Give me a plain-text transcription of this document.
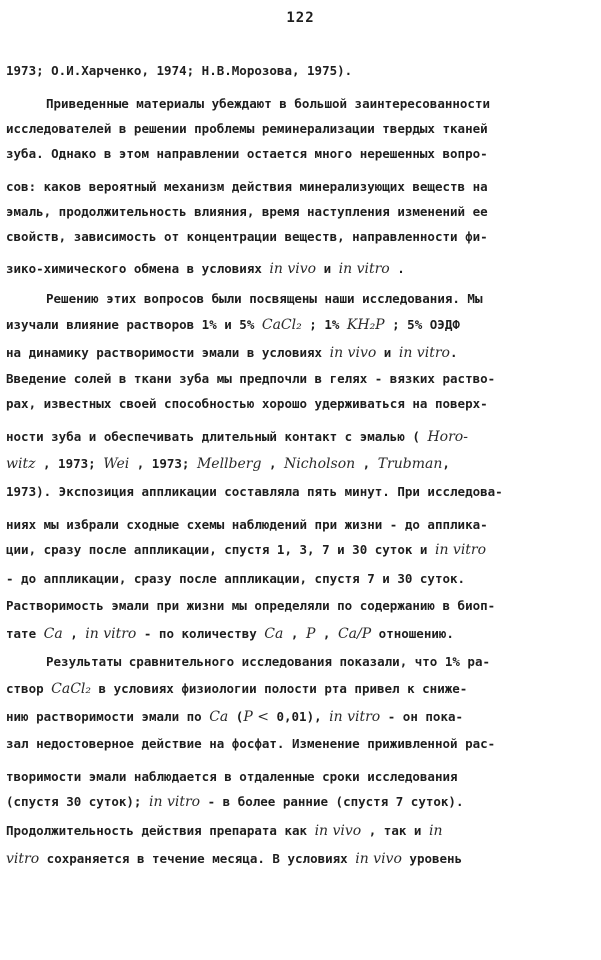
122
1973; О.И.Харченко, 1974; Н.В.Морозова, 1975).
Приведенные материалы убеждают в большой заинтересованности
исследователей в решении проблемы реминерализации твердых тканей
зуба. Однако в этом направлении остается много нерешенных вопро-
сов: каков вероятный механизм действия минерализующих веществ на
эмаль, продолжительность влияния, время наступления изменений ее
свойств, зависимость от концентрации веществ, направленности фи-
зико-химического обмена в условиях in vivo и in vitro .
Решению этих вопросов были посвящены наши исследования. Мы
изучали влияние растворов 1% и 5% CaCl₂ ; 1% KH₂P ; 5% ОЭДФ
на динамику растворимости эмали в условиях in vivo и in vitro.
Введение солей в ткани зуба мы предпочли в гелях - вязких раство-
рах, известных своей способностью хорошо удерживаться на поверх-
ности зуба и обеспечивать длительный контакт с эмалью ( Horo-
witz , 1973; Wei , 1973; Mellberg , Nicholson , Trubman,
1973). Экспозиция аппликации составляла пять минут. При исследова-
ниях мы избрали сходные схемы наблюдений при жизни - до апплика-
ции, сразу после аппликации, спустя 1, 3, 7 и 30 суток и in vitro
- до аппликации, сразу после аппликации, спустя 7 и 30 суток.
Растворимость эмали при жизни мы определяли по содержанию в биоп-
тате Ca , in vitro - по количеству Ca , P , Ca/P отношению.
Результаты сравнительного исследования показали, что 1% ра-
створ CaCl₂ в условиях физиологии полости рта привел к сниже-
нию растворимости эмали по Ca (P < 0,01), in vitro - он пока-
зал недостоверное действие на фосфат. Изменение приживленной рас-
творимости эмали наблюдается в отдаленные сроки исследования
(спустя 30 суток); in vitro - в более ранние (спустя 7 суток).
Продолжительность действия препарата как in vivo , так и in
vitro сохраняется в течение месяца. В условиях in vivo уровень
